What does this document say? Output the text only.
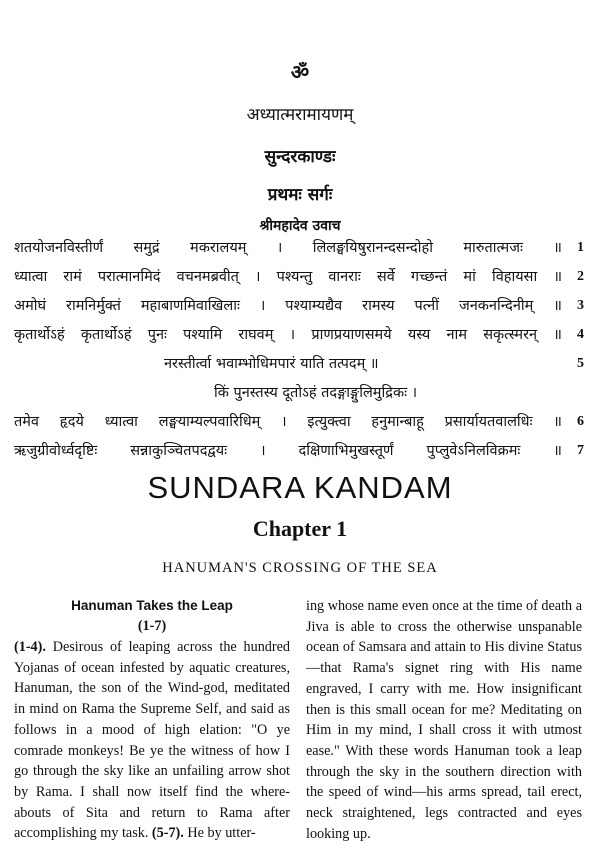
ॐ
अध्यात्मरामायणम्
सुन्दरकाण्डः
प्रथमः सर्गः
श्रीमहादेव उवाच
शतयोजनविस्तीर्णं समुद्रं मकरालयम् । लिलङ्घयिषुरानन्दसन्दोहो मारुतात्मजः ॥ 1
ध्यात्वा रामं परात्मानमिदं वचनमब्रवीत् । पश्यन्तु वानराः सर्वे गच्छन्तं मां विहायसा ॥ 2
अमोघं रामनिर्मुक्तं महाबाणमिवाखिलाः । पश्याम्यद्यैव रामस्य पत्नीं जनकनन्दिनीम् ॥ 3
कृतार्थोऽहं कृतार्थोऽहं पुनः पश्यामि राघवम् । प्राणप्रयाणसमये यस्य नाम सकृत्स्मरन् ॥ 4
नरस्तीर्त्वा भवाम्भोधिमपारं याति तत्पदम् ॥	5
किं पुनस्तस्य दूतोऽहं तदङ्गाङ्गुलिमुद्रिकः ।
तमेव हृदये ध्यात्वा लङ्घयाम्यल्पवारिधिम् । इत्युक्त्वा हनुमान्बाहू प्रसार्यायतवालधिः ॥ 6
ऋजुग्रीवोर्ध्वदृष्टिः सन्नाकुञ्चितपदद्वयः । दक्षिणाभिमुखस्तूर्णं पुप्लुवेऽनिलविक्रमः ॥ 7
SUNDARA KANDAM
Chapter 1
HANUMAN'S CROSSING OF THE SEA
Hanuman Takes the Leap
(1-7)

(1-4). Desirous of leaping across the hundred Yojanas of ocean infested by aquatic creatures, Hanuman, the son of the Wind-god, meditated in mind on Rama the Supreme Self, and said as follows in a mood of high elation: "O ye comrade monkeys! Be ye the witness of how I go through the sky like an unfailing arrow shot by Rama. I shall now itself find the where-abouts of Sita and return to Rama after accomplishing my task. (5-7). He by utter-

ing whose name even once at the time of death a Jiva is able to cross the otherwise unspanable ocean of Samsara and attain to His divine Status—that Rama's signet ring with His name engraved, I carry with me. How insignificant then is this small ocean for me? Meditating on Him in my mind, I shall cross it with utmost ease." With these words Hanuman took a leap through the sky in the southern direction with the speed of wind—his arms spread, tail erect, neck straightened, legs contracted and eyes looking up.
